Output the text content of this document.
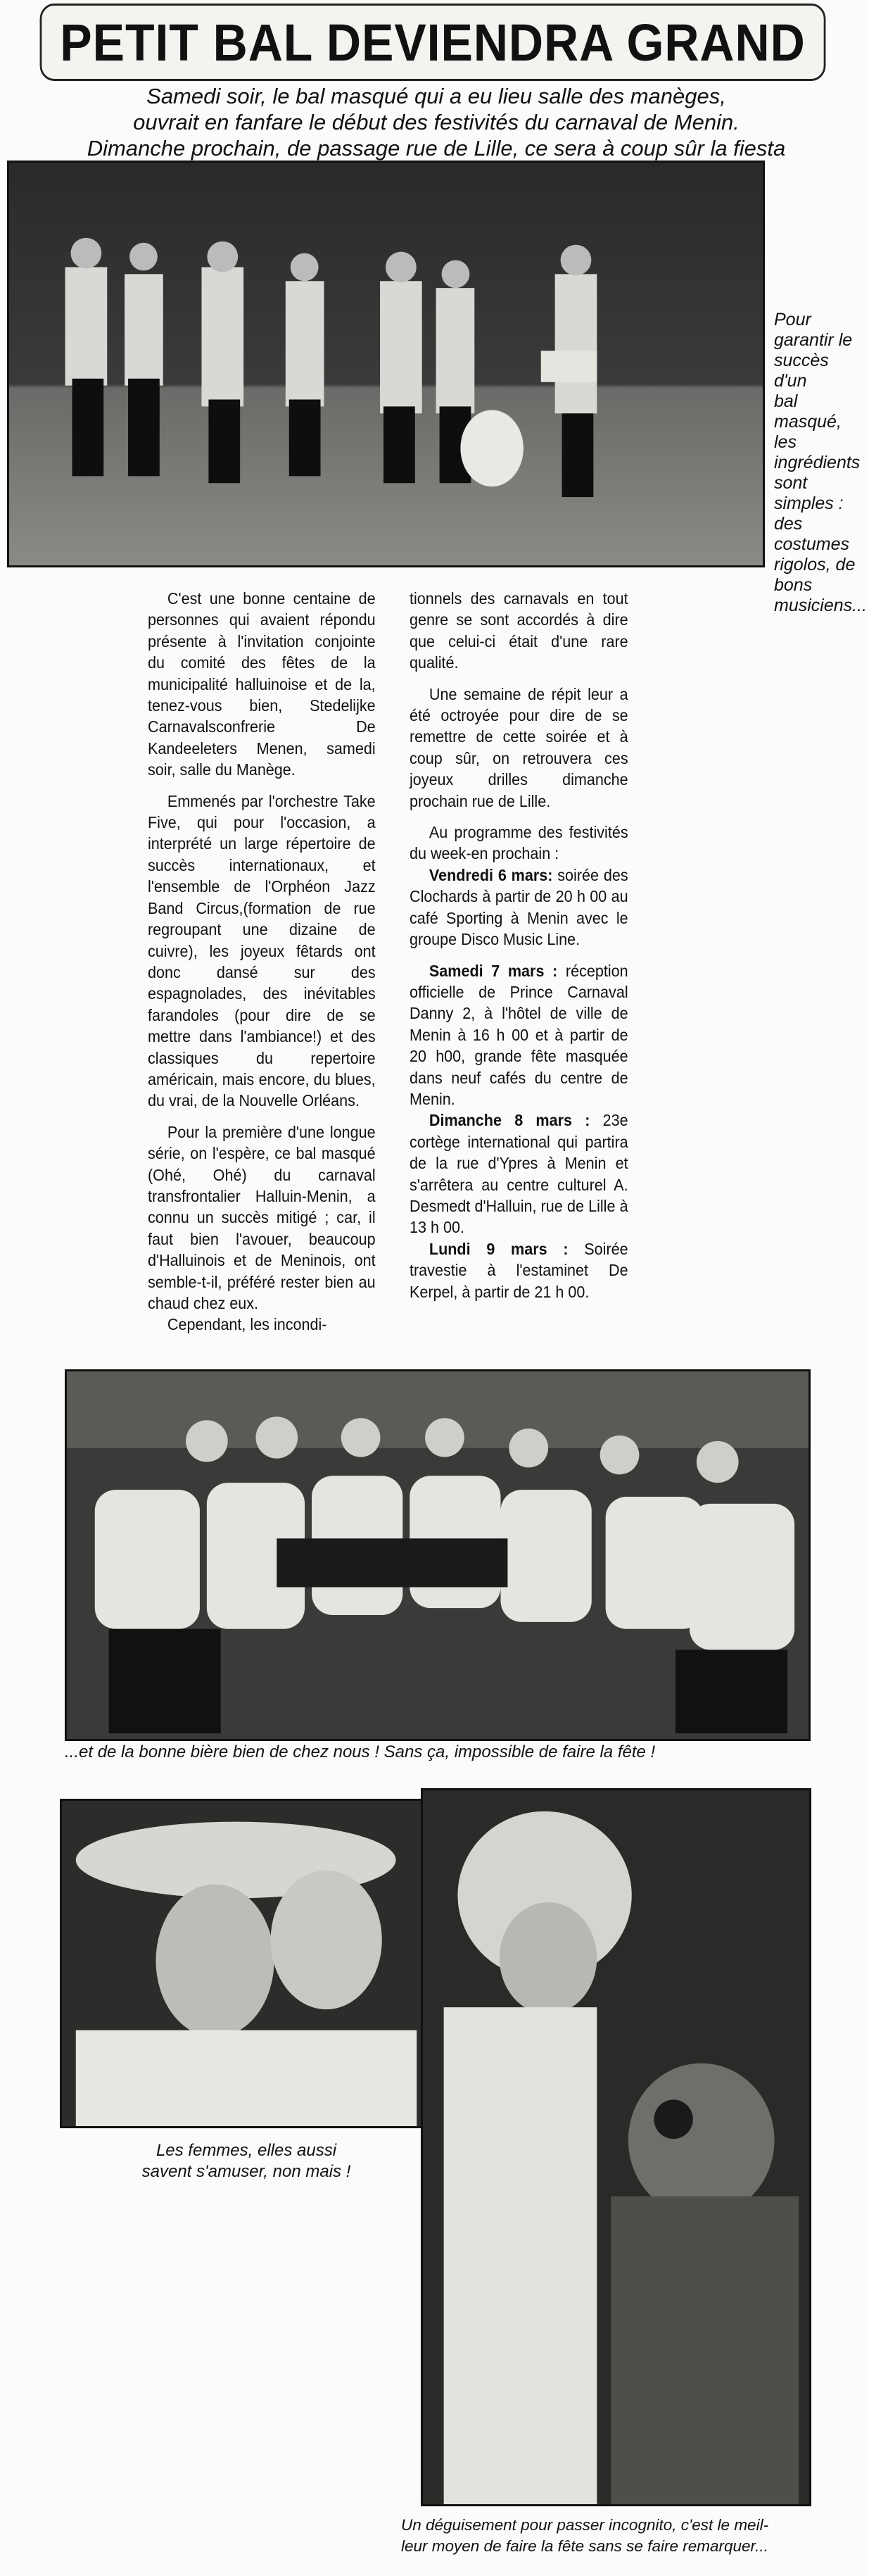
PETIT BAL DEVIENDRA GRAND
Samedi soir, le bal masqué qui a eu lieu salle des manèges,
ouvrait en fanfare le début des festivités du carnaval de Menin.
Dimanche prochain, de passage rue de Lille, ce sera à coup sûr la fiesta
Pour
garantir le
succès d'un
bal masqué,
les
ingrédients
sont
simples :
des
costumes
rigolos, de
bons
musiciens...

C'est une bonne centaine de personnes qui avaient répondu présente à l'invitation conjointe du comité des fêtes de la municipalité halluinoise et de la, tenez-vous bien, Stedelijke Carnavalsconfrerie De Kandeeleters Menen, samedi soir, salle du Manège.

Emmenés par l'orchestre Take Five, qui pour l'occasion, a interprété un large répertoire de succès internationaux, et l'ensemble de l'Orphéon Jazz Band Circus,(formation de rue regroupant une dizaine de cuivre), les joyeux fêtards ont donc dansé sur des espagnolades, des inévitables farandoles (pour dire de se mettre dans l'ambiance!) et des classiques du repertoire américain, mais encore, du blues, du vrai, de la Nouvelle Orléans.

Pour la première d'une longue série, on l'espère, ce bal masqué (Ohé, Ohé) du carnaval transfrontalier Halluin-Menin, a connu un succès mitigé ; car, il faut bien l'avouer, beaucoup d'Halluinois et de Meninois, ont semble-t-il, préféré rester bien au chaud chez eux.

Cependant, les incondi-

tionnels des carnavals en tout genre se sont accordés à dire que celui-ci était d'une rare qualité.

Une semaine de répit leur a été octroyée pour dire de se remettre de cette soirée et à coup sûr, on retrouvera ces joyeux drilles dimanche prochain rue de Lille.

Au programme des festivités du week-en prochain :

Vendredi 6 mars: soirée des Clochards à partir de 20 h 00 au café Sporting à Menin avec le groupe Disco Music Line.

Samedi 7 mars : réception officielle de Prince Carnaval Danny 2, à l'hôtel de ville de Menin à 16 h 00 et à partir de 20 h00, grande fête masquée dans neuf cafés du centre de Menin.

Dimanche 8 mars : 23e cortège international qui partira de la rue d'Ypres à Menin et s'arrêtera au centre culturel A. Desmedt d'Halluin, rue de Lille à 13 h 00.

Lundi 9 mars : Soirée travestie à l'estaminet De Kerpel, à partir de 21 h 00.

...et de la bonne bière bien de chez nous ! Sans ça, impossible de faire la fête !
Les femmes, elles aussi
savent s'amuser, non mais !
Un déguisement pour passer incognito, c'est le meil-
leur moyen de faire la fête sans se faire remarquer...
